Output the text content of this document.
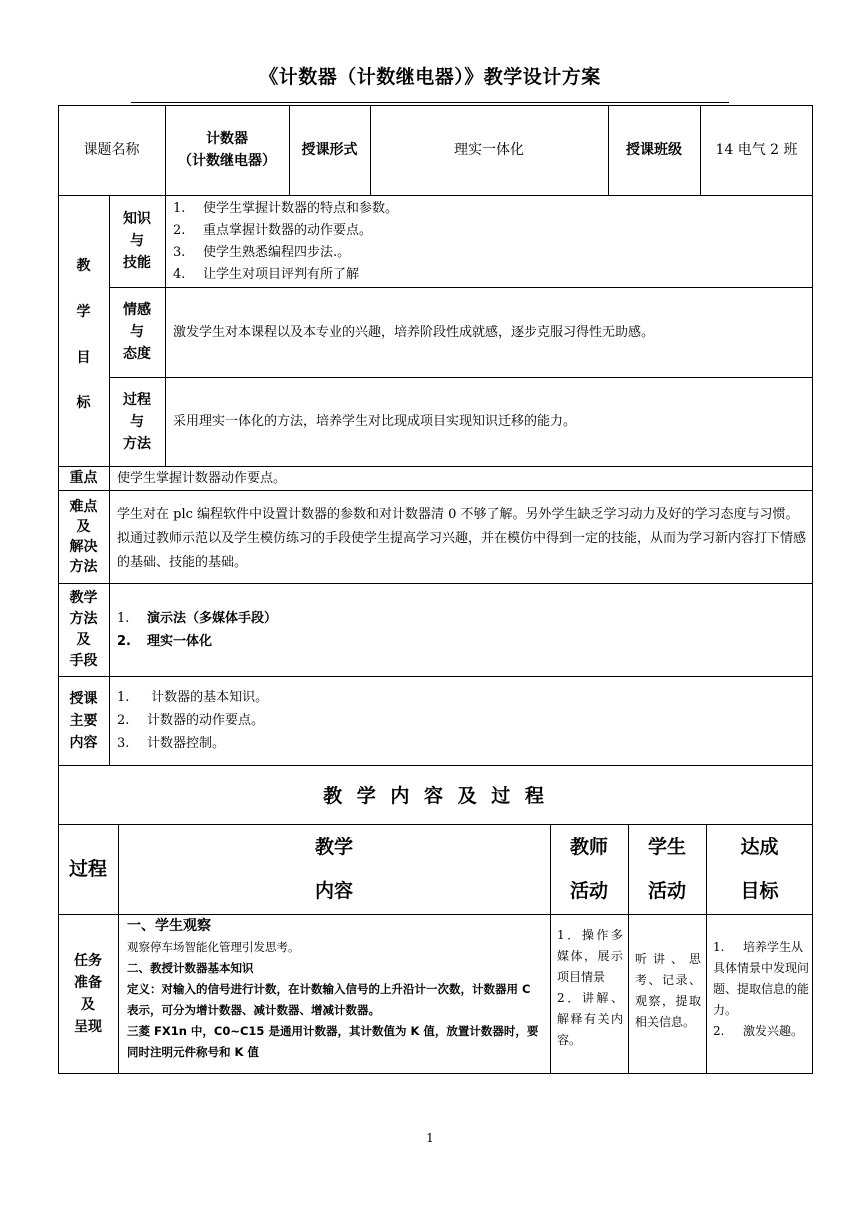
《计数器（计数继电器）》教学设计方案
课题名称
计数器
（计数继电器）
授课形式	理实一体化	授课班级 14 电气 2 班
教
学
目
标
知识
与
技能
1. 使学生掌握计数器的特点和参数。
2. 重点掌握计数器的动作要点。
3. 使学生熟悉编程四步法.。
4. 让学生对项目评判有所了解
情感
与
态度
激发学生对本课程以及本专业的兴趣，培养阶段性成就感，逐步克服习得性无助感。
过程
与
方法
采用理实一体化的方法，培养学生对比现成项目实现知识迁移的能力。
重点 使学生掌握计数器动作要点。
难点
及
解决
方法
学生对在 plc 编程软件中设置计数器的参数和对计数器清 0 不够了解。另外学生缺乏学习动力及好的学习态度与习惯。拟通过教师示范以及学生模仿练习的手段使学生提高学习兴趣，并在模仿中得到一定的技能，从而为学习新内容打下情感的基础、技能的基础。
教学
方法
及
手段
1. 演示法（多媒体手段）
2. 理实一体化
授课
主要
内容
1. 计数器的基本知识。
2. 计数器的动作要点。
3. 计数器控制。
教 学 内 容 及 过 程
过程
教学
内容
教师
活动
学生
活动
达成
目标
任务
准备
及
呈现
一、学生观察
观察停车场智能化管理引发思考。
二、教授计数器基本知识
定义：对输入的信号进行计数，在计数输入信号的上升沿计一次数，计数器用 C 表示，可分为增计数器、减计数器、增减计数器。
三菱 FX1n 中，C0~C15 是通用计数器，其计数值为 K 值，放置计数器时，要同时注明元件称号和 K 值
1．操作多媒体，展示项目情景
2．讲解、解释有关内容。
听讲、思考、记录、观察，提取相关信息。
1. 培养学生从具体情景中发现问题、提取信息的能力。
2. 激发兴趣。
1
